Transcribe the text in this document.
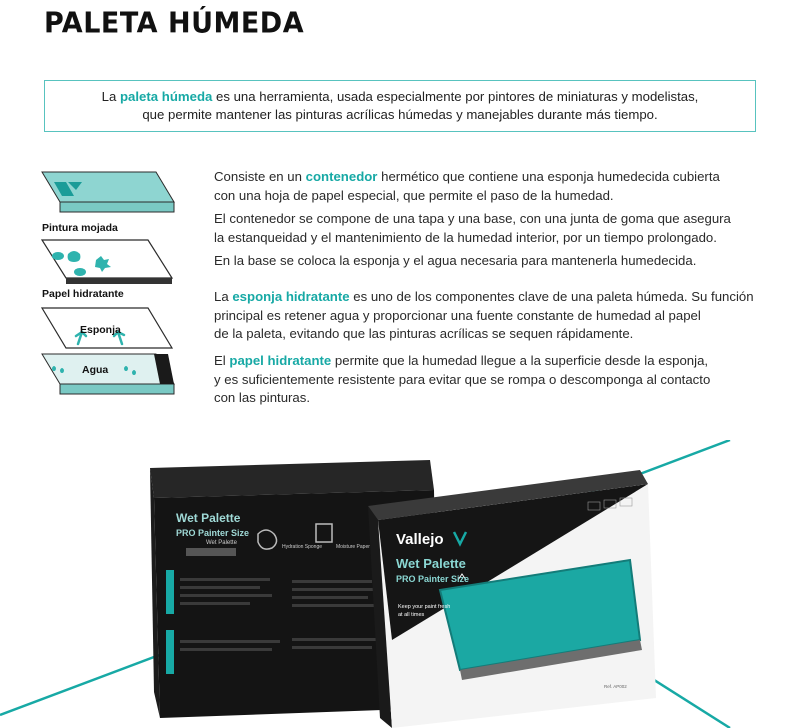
PALETA HÚMEDA
La paleta húmeda es una herramienta, usada especialmente por pintores de miniaturas y modelistas,
que permite mantener las pinturas acrílicas húmedas y manejables durante más tiempo.
Pintura mojada
Papel hidratante
Esponja
Agua

Consiste en un contenedor hermético que contiene una esponja humedecida cubierta
con una hoja de papel especial, que permite el paso de la humedad.

El contenedor se compone de una tapa y una base, con una junta de goma que asegura
la estanqueidad y el mantenimiento de la humedad interior, por un tiempo prolongado.

En la base se coloca la esponja y el agua necesaria para mantenerla humedecida.

La esponja hidratante es uno de los componentes clave de una paleta húmeda. Su función
principal es retener agua y proporcionar una fuente constante de humedad al papel
de la paleta, evitando que las pinturas acrílicas se sequen rápidamente.

El papel hidratante permite que la humedad llegue a la superficie desde la esponja,
y es suficientemente resistente para evitar que se rompa o descomponga al contacto
con las pinturas.

Wet Palette
PRO Painter Size
Wet Palette
Hydration Sponge	Moisture Paper Vallejo
Wet Palette
PRO Painter Size
Keep your paint fresh
at all times
Ref. AP002
